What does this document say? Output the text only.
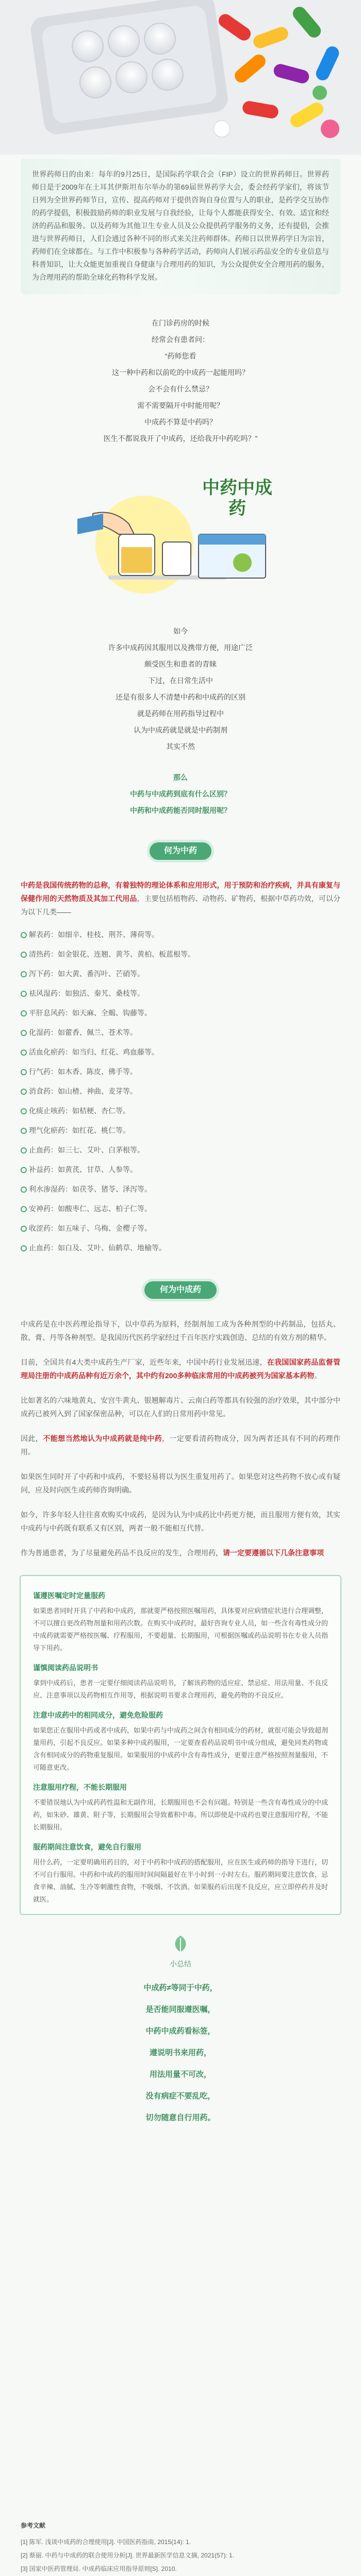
世界药师日的由来：每年的9月25日，是国际药学联合会（FIP）设立的世界药师日。世界药师日是于2009年在土耳其伊斯坦布尔举办的第69届世界药学大会，委会经药学家们，将该节日列为全世界药师节日，宣传、提高药师对于提供咨询自身位置与人的职业，是药学交互协作的药学提倡，积极鼓励药师的职业发展与自我经验，让每个人都能获得安全、有效、适宜和经济的药品和服务。以及药师为其他卫生专业人员及公众提供药学服务的义务，还有提倡，会推进与世界药师日，人们会通过各种不同的形式来关注药师群体。药师日以世界药学日为宗旨，药师们在全球都在。与工作中积极参与各种药学活动，药师向人们展示药品安全的专业信息与科普知识，让大众能更加重视自身健康与合理用药的知识，为公众提供安全合理用药的服务，为合理用药的帮助全球化药物科学发展。

在门诊药房的时候

经常会有患者问：

“药师您看

这一种中药和以前吃的中成药一起能用吗？

会不会有什么禁忌？

需不需要隔开中时能用呢？

中成药不算是中药吗？

医生不都说我开了中成药，还给我开中药吃吗？”

中药中成药

如今

许多中成药因其服用以及携带方便，用途广泛

颇受医生和患者的青睐

下过，在日常生活中

还是有很多人不清楚中药和中成药的区别

就是药师在用药指导过程中

认为中成药就是就是中药制剂

其实不然

那么

中药与中成药到底有什么区别？

中药和中成药能否同时服用呢？

何为中药
中药是我国传统药物的总称，有着独特的理论体系和应用形式，用于预防和治疗疾病，并具有康复与保健作用的天然物质及其加工代用品，主要包括植物药、动物药、矿物药，根据中草药功效，可以分为以下几类——
解表药：如细辛、桂枝、荆芥、薄荷等。
清热药：如金银花、连翘、黄芩、黄柏、板蓝根等。
泻下药：如大黄、番泻叶、芒硝等。
祛风湿药：如独活、秦艽、桑枝等。
平肝息风药：如天麻、全蝎、钩藤等。
化湿药：如藿香、佩兰、苍术等。
活血化瘀药：如当归、红花、鸡血藤等。
行气药：如木香、陈皮、佛手等。
消食药：如山楂、神曲、麦芽等。
化痰止咳药：如桔梗、杏仁等。
理气化瘀药：如红花、桃仁等。
止血药：如三七、艾叶、白茅根等。
补益药：如黄芪、甘草、人参等。
利水渗湿药：如茯苓、猪苓、泽泻等。
安神药：如酸枣仁、远志、柏子仁等。
收涩药：如五味子、乌梅、金樱子等。
止血药：如白及、艾叶、仙鹤草、地榆等。
何为中成药
中成药是在中医药理论指导下，以中草药为原料，经制剂加工成为各种剂型的中药制品，包括丸、散、膏、丹等各种剂型。是我国历代医药学家经过千百年医疗实践创造、总结的有效方剂的精华。
目前，全国共有4大类中成药生产厂家，近些年来，中国中药行业发展迅速，在我国国家药品监督管理局注册的中成药品种有近万余个，其中约有200多种临床常用的中成药被列为国家基本药物。
比如著名的六味地黄丸、安宫牛黄丸、银翘解毒片、云南白药等都具有较强的治疗效果，其中部分中成药已被列入到了国家保密品种，可以在人们的日常用药中常见。
因此，不能想当然地认为中成药就是纯中药，一定要看清药物成分，因为两者还具有不同的药理作用。
如果医生同时开了中药和中成药，不要轻易将以为医生重复用药了。如果您对这些药物不放心或有疑问，应及时向医生或药师咨询明确。
如今，许多年轻人往往喜欢购买中成药，是因为认为中成药比中药更方便，而且服用方便有效，其实中成药与中药既有联系又有区别，两者一般不能相互代替。
作为普通患者，为了尽量避免药品不良反应的发生，合理用药，请一定要遵循以下几条注意事项
谨遵医嘱定时定量服药

如果患者同时开具了中药和中成药，那就要严格按照医嘱用药，具体要对应病情症状进行合理调整，不可以擅自更改药物剂量和用药次数。在购买中成药时，最好咨询专业人员，如一些含有毒性成分的中成药就需要严格按医嘱、疗程服用，不要超量、长期服用，可根据医嘱或药品说明书在专业人员指导下用药。

谨慎阅读药品说明书

拿到中成药后，患者一定要仔细阅读药品说明书，了解该药物的适应症、禁忌症、用法用量、不良反应、注意事项以及药物相互作用等，根据说明书要求合理用药，避免药物的不良反应。

注意中成药中的相同成分，避免危险服药

如果您正在服用中药或者中成药，如果中药与中成药之间含有相同成分的药材，就很可能会导致超剂量用药，引起不良反应。如果多种中成药服用，一定要查看药品说明书中成分组成，避免同类药物或含有相同成分的药物重复服用。如果服用的中成药中含有毒性成分，更要注意严格按照剂量服用，不可随意更改。

注意服用疗程，不能长期服用

不要错误地认为中成药药性温和无副作用，长期服用也不会有问题。特别是一些含有毒性成分的中成药，如朱砂、雄黄、附子等，长期服用会导致蓄积中毒。所以即使是中成药也要注意服用疗程，不能长期服用。

服药期间注意饮食，避免自行服用

用什么药，一定要明确用药目的，对于中药和中成药的搭配服用，应在医生或药师的指导下进行，切不可自行服用。中药和中成药的服用时间间隔最好在半小时到一小时左右。服药期间要注意饮食，忌食辛辣、油腻、生冷等刺激性食物，不吸烟、不饮酒。如果服药后出现不良反应，应立即停药并及时就医。

小总结

中成药≠等同于中药，

是否能同服遵医嘱，

中药中成药看标签，

遵说明书来用药，

用法用量不可改，

没有病症不要乱吃，

切勿随意自行用药。

参考文献
[1] 陈军. 浅谈中成药的合理使用[J]. 中国医药指南, 2015(14): 1.
[2] 蔡丽. 中药与中成药的联合使用分析[J]. 世界最新医学信息文摘, 2021(57): 1.
[3] 国家中医药管理局. 中成药临床应用指导原则[S]. 2010.
